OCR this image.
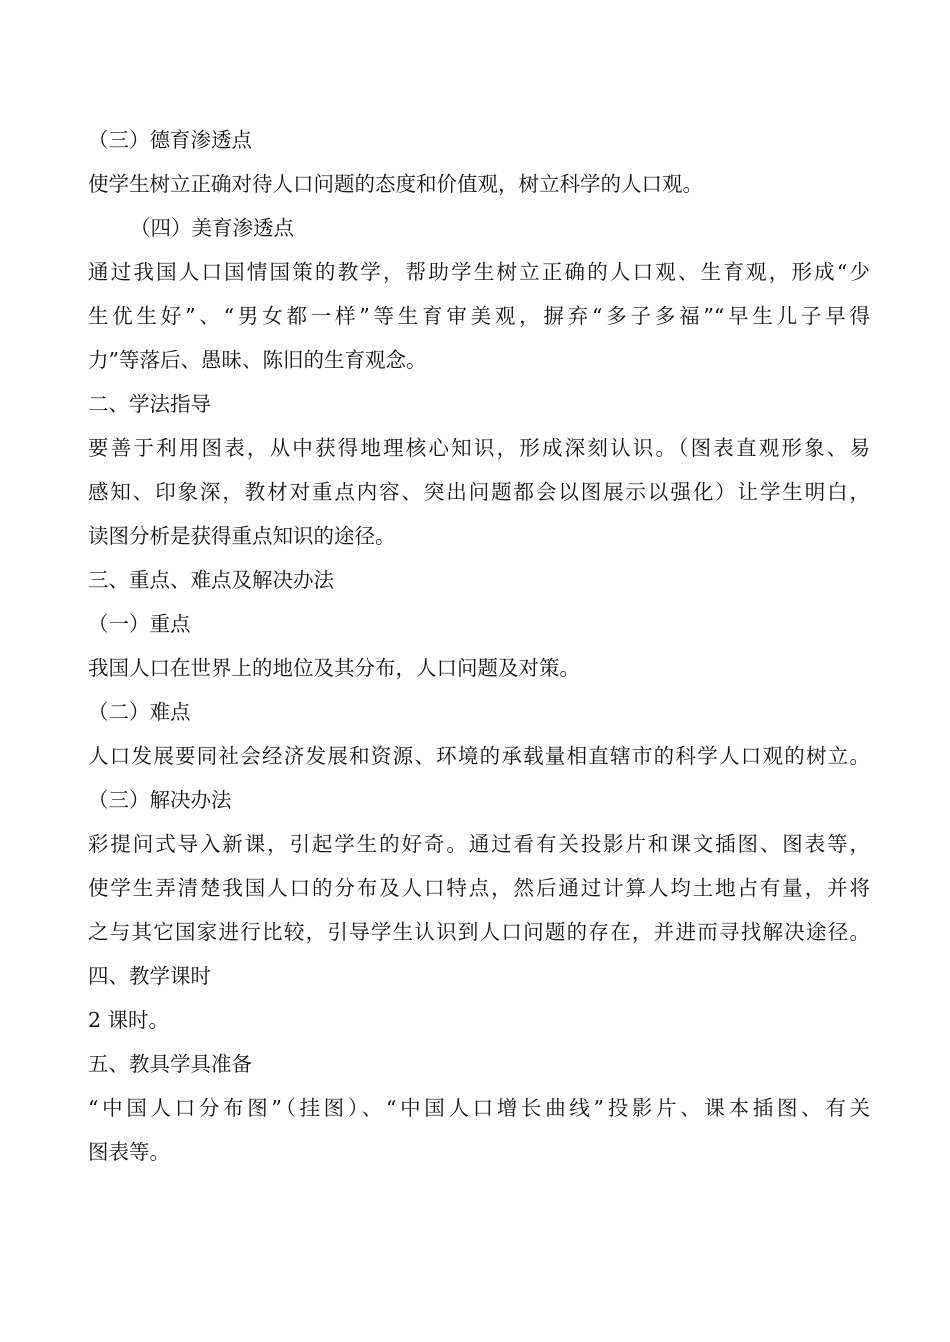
（三）德育渗透点

使学生树立正确对待人口问题的态度和价值观，树立科学的人口观。

（四）美育渗透点

通过我国人口国情国策的教学，帮助学生树立正确的人口观、生育观，形成“少

生优生好”、“男女都一样”等生育审美观，摒弃“多子多福”“早生儿子早得

力”等落后、愚昧、陈旧的生育观念。

二、学法指导

要善于利用图表，从中获得地理核心知识，形成深刻认识。（图表直观形象、易

感知、印象深，教材对重点内容、突出问题都会以图展示以强化）让学生明白，

读图分析是获得重点知识的途径。

三、重点、难点及解决办法

（一）重点

我国人口在世界上的地位及其分布，人口问题及对策。

（二）难点

人口发展要同社会经济发展和资源、环境的承载量相直辖市的科学人口观的树立。

（三）解决办法

彩提问式导入新课，引起学生的好奇。通过看有关投影片和课文插图、图表等，

使学生弄清楚我国人口的分布及人口特点，然后通过计算人均土地占有量，并将

之与其它国家进行比较，引导学生认识到人口问题的存在，并进而寻找解决途径。

四、教学课时

2 课时。

五、教具学具准备

“中国人口分布图”（挂图）、“中国人口增长曲线”投影片、课本插图、有关

图表等。
